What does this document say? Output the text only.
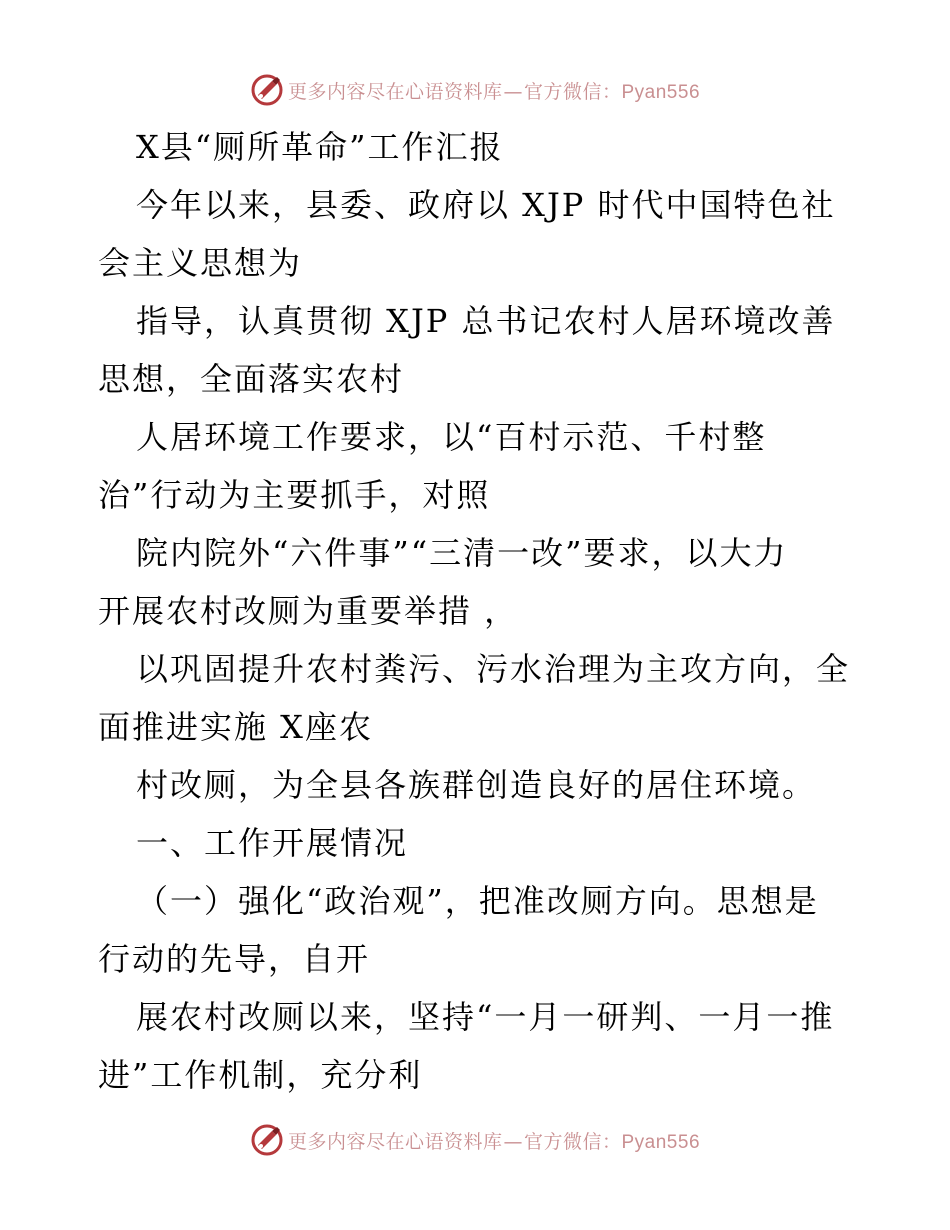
更多内容尽在心语资料库—官方微信：Pyan556
X县“厕所革命”工作汇报
今年以来，县委、政府以 XJP 时代中国特色社
会主义思想为
指导，认真贯彻 XJP 总书记农村人居环境改善
思想，全面落实农村
人居环境工作要求，以“百村示范、千村整
治”行动为主要抓手，对照
院内院外“六件事”“三清一改”要求，以大力
开展农村改厕为重要举措 ，
以巩固提升农村粪污、污水治理为主攻方向，全
面推进实施 X座农
村改厕，为全县各族群创造良好的居住环境。
一、工作开展情况
（一）强化“政治观”，把准改厕方向。思想是
行动的先导，自开
展农村改厕以来，坚持“一月一研判、一月一推
进”工作机制，充分利
更多内容尽在心语资料库—官方微信：Pyan556
